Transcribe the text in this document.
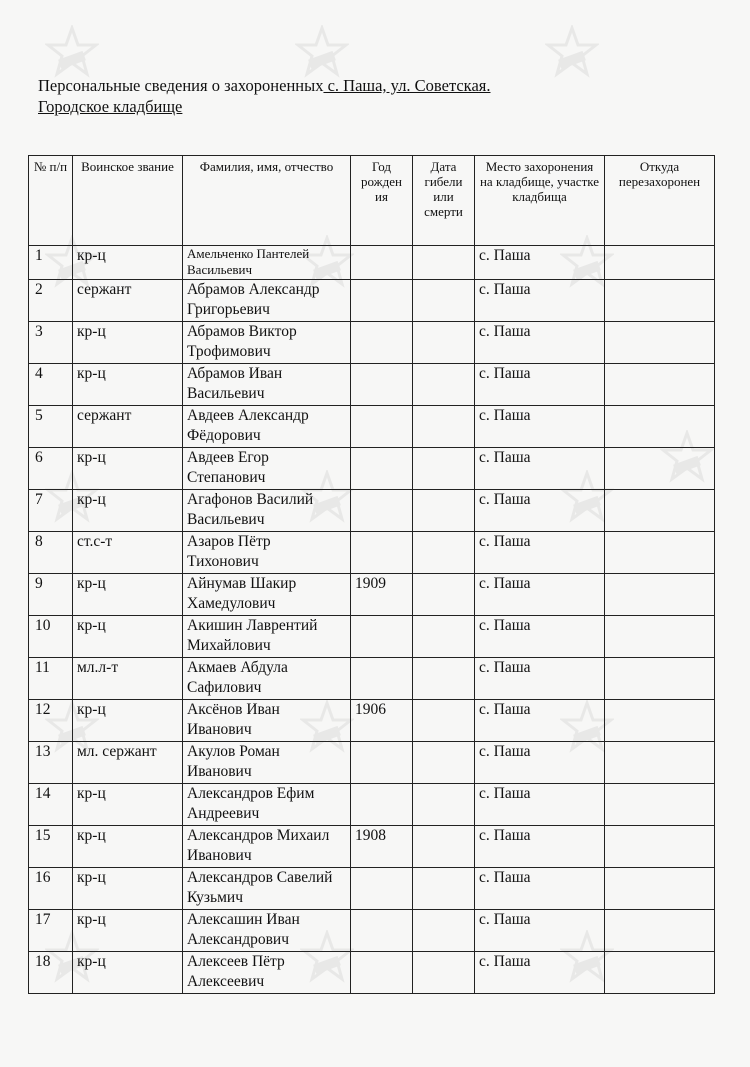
Персональные сведения о захороненных с. Паша, ул. Советская.
Городское кладбище
№ п/п	Воинское звание	Фамилия, имя, отчество	Год рожден ия	Дата гибели или смерти	Место захоронения на кладбище, участке кладбища	Откуда перезахоронен
1	кр-ц	Амельченко Пантелей Васильевич			с. Паша	
2	сержант	Абрамов Александр Григорьевич			с. Паша	
3	кр-ц	Абрамов Виктор Трофимович			с. Паша	
4	кр-ц	Абрамов Иван Васильевич			с. Паша	
5	сержант	Авдеев Александр Фёдорович			с. Паша	
6	кр-ц	Авдеев Егор Степанович			с. Паша	
7	кр-ц	Агафонов Василий Васильевич			с. Паша	
8	ст.с-т	Азаров Пётр Тихонович			с. Паша	
9	кр-ц	Айнумав Шакир Хамедулович	1909		с. Паша	
10	кр-ц	Акишин Лаврентий Михайлович			с. Паша	
11	мл.л-т	Акмаев Абдула Сафилович			с. Паша	
12	кр-ц	Аксёнов Иван Иванович	1906		с. Паша	
13	мл. сержант	Акулов Роман Иванович			с. Паша	
14	кр-ц	Александров Ефим Андреевич			с. Паша	
15	кр-ц	Александров Михаил Иванович	1908		с. Паша	
16	кр-ц	Александров Савелий Кузьмич			с. Паша	
17	кр-ц	Алексашин Иван Александрович			с. Паша	
18	кр-ц	Алексеев Пётр Алексеевич			с. Паша	
